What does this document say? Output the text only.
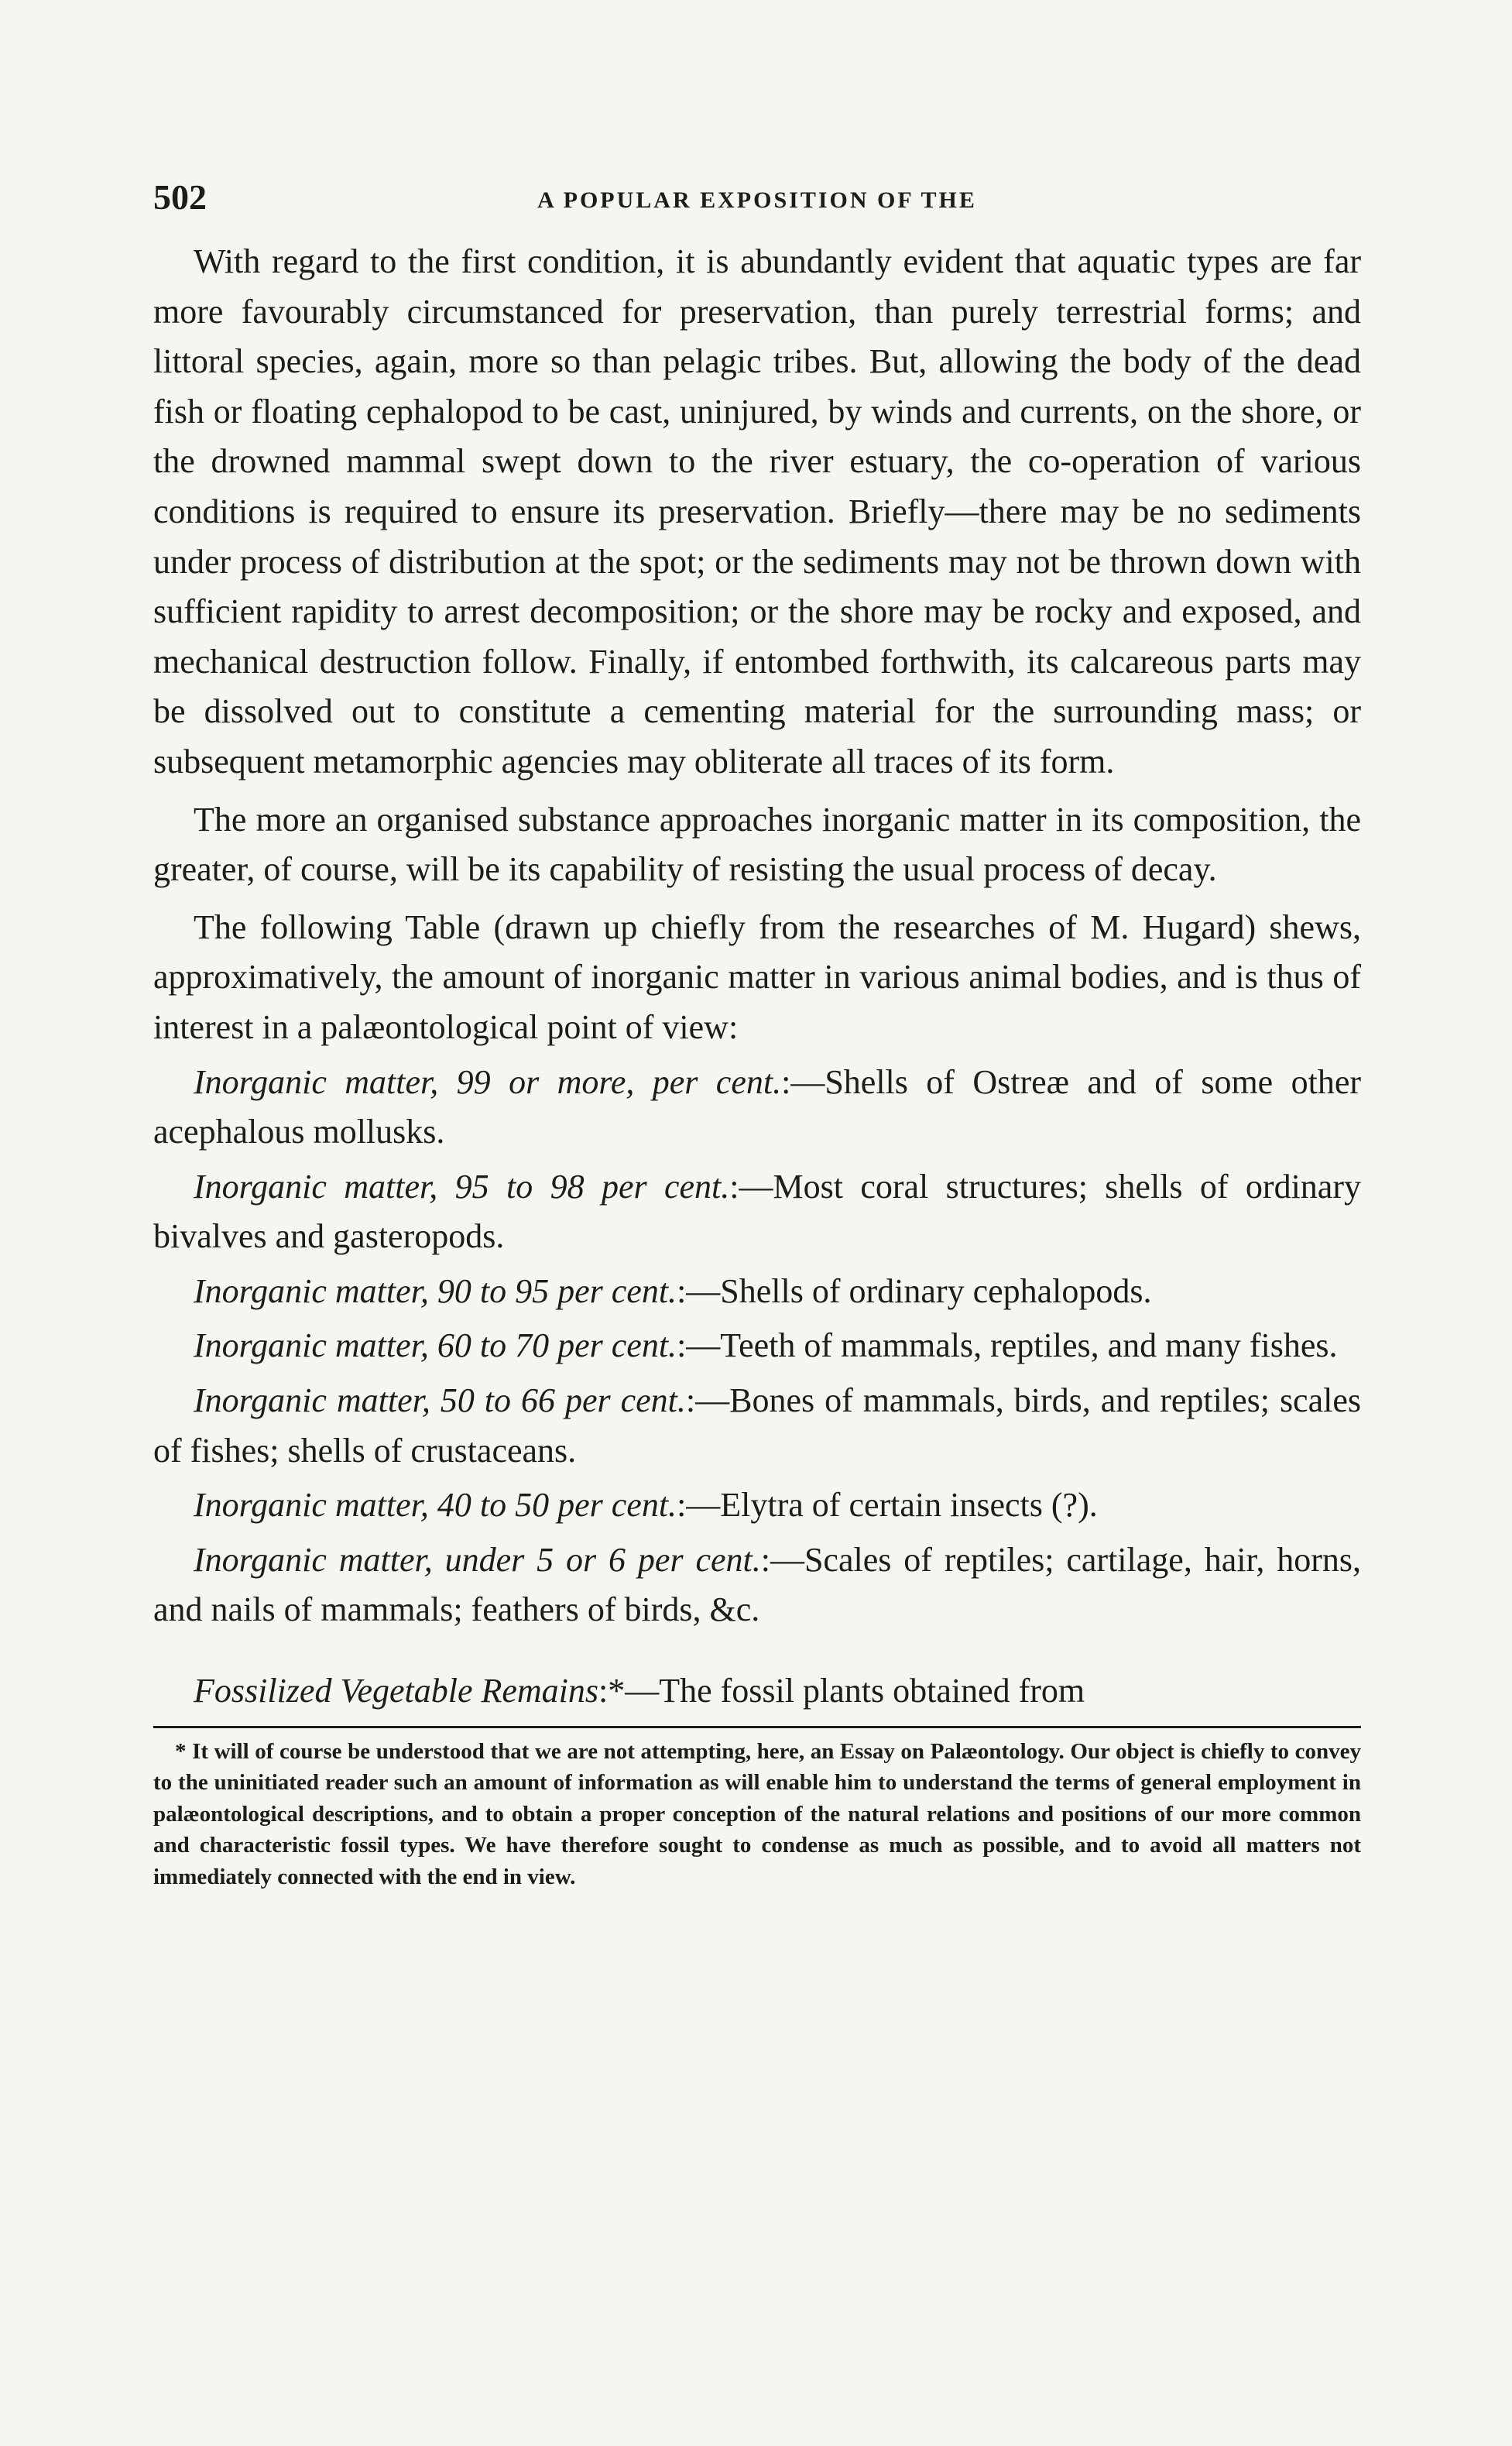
502	A POPULAR EXPOSITION OF THE

With regard to the first condition, it is abundantly evident that aquatic types are far more favourably circumstanced for preservation, than purely terrestrial forms; and littoral species, again, more so than pelagic tribes. But, allowing the body of the dead fish or floating cephalopod to be cast, uninjured, by winds and currents, on the shore, or the drowned mammal swept down to the river estuary, the co-operation of various conditions is required to ensure its preservation. Briefly—there may be no sediments under process of distribution at the spot; or the sediments may not be thrown down with sufficient rapidity to arrest decomposition; or the shore may be rocky and exposed, and mechanical destruction follow. Finally, if entombed forthwith, its calcareous parts may be dissolved out to constitute a cementing material for the surrounding mass; or subsequent metamorphic agencies may obliterate all traces of its form.

The more an organised substance approaches inorganic matter in its composition, the greater, of course, will be its capability of resisting the usual process of decay.

The following Table (drawn up chiefly from the researches of M. Hugard) shews, approximatively, the amount of inorganic matter in various animal bodies, and is thus of interest in a palæontological point of view:

Inorganic matter, 99 or more, per cent.:—Shells of Ostreæ and of some other acephalous mollusks.

Inorganic matter, 95 to 98 per cent.:—Most coral structures; shells of ordinary bivalves and gasteropods.

Inorganic matter, 90 to 95 per cent.:—Shells of ordinary cephalopods.

Inorganic matter, 60 to 70 per cent.:—Teeth of mammals, reptiles, and many fishes.

Inorganic matter, 50 to 66 per cent.:—Bones of mammals, birds, and reptiles; scales of fishes; shells of crustaceans.

Inorganic matter, 40 to 50 per cent.:—Elytra of certain insects (?).

Inorganic matter, under 5 or 6 per cent.:—Scales of reptiles; cartilage, hair, horns, and nails of mammals; feathers of birds, &c.

Fossilized Vegetable Remains:*—The fossil plants obtained from

* It will of course be understood that we are not attempting, here, an Essay on Palæontology. Our object is chiefly to convey to the uninitiated reader such an amount of information as will enable him to understand the terms of general employment in palæontological descriptions, and to obtain a proper conception of the natural relations and positions of our more common and characteristic fossil types. We have therefore sought to condense as much as possible, and to avoid all matters not immediately connected with the end in view.
